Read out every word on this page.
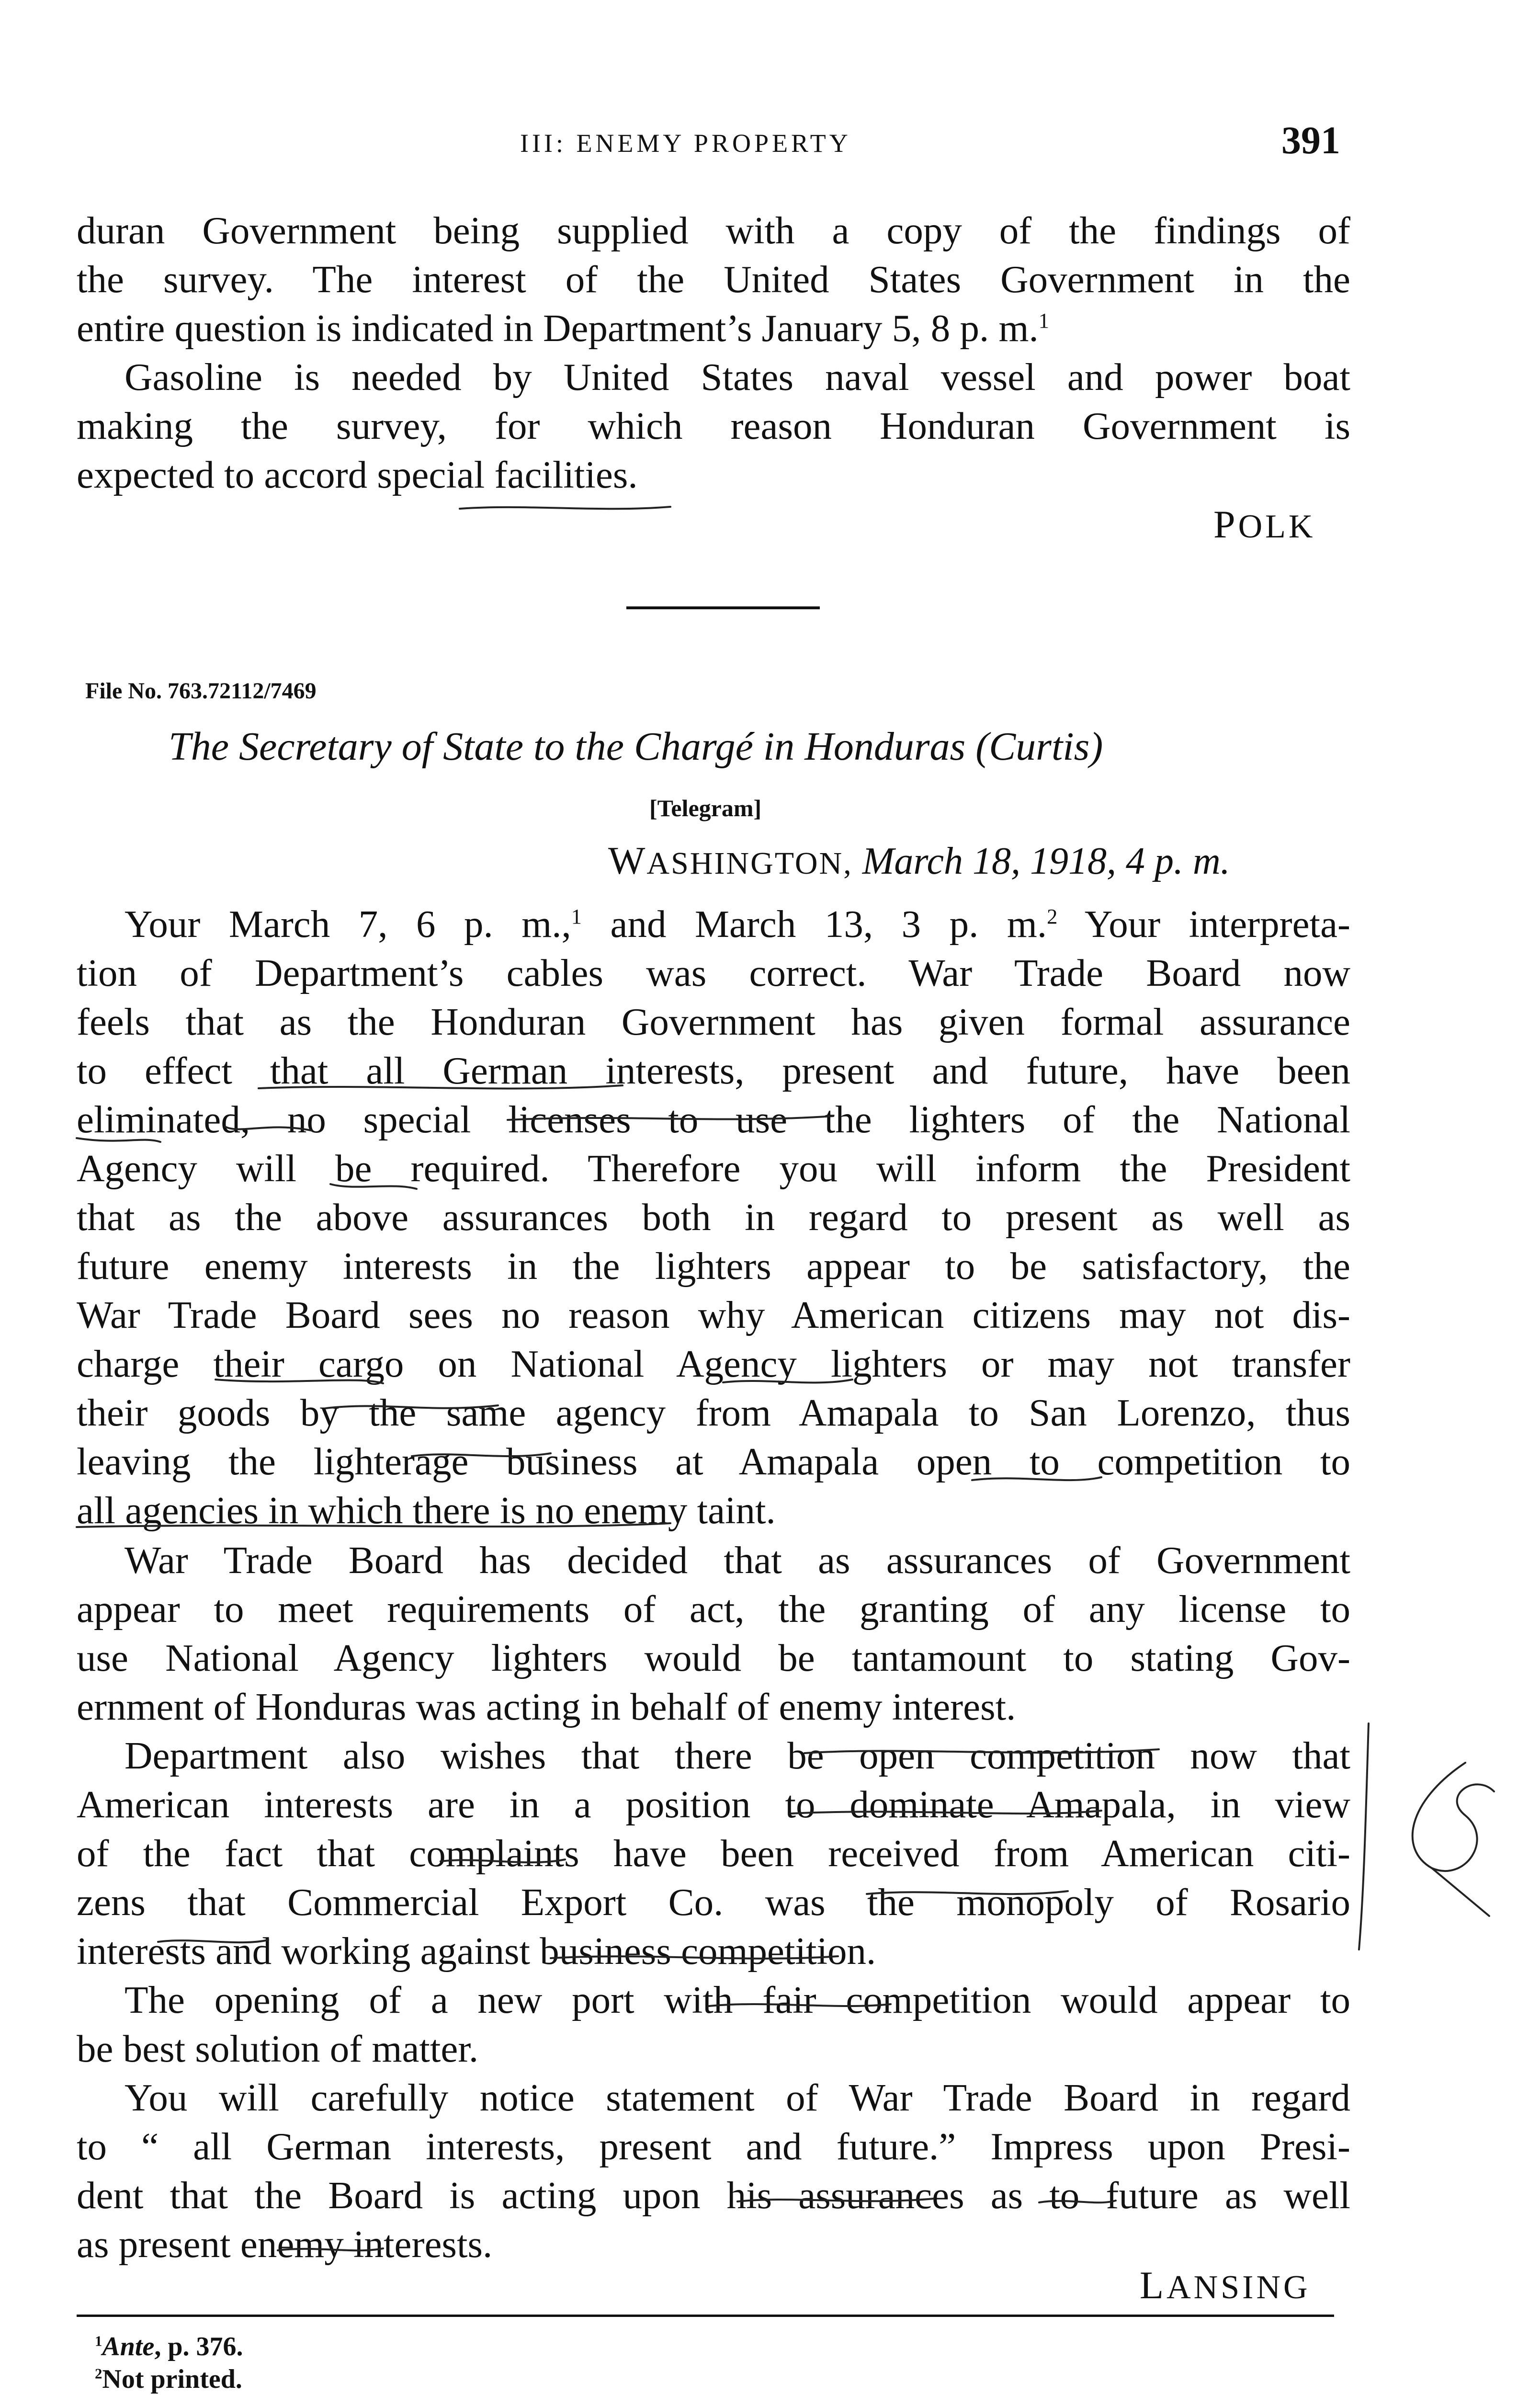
III: ENEMY PROPERTY	391
duran Government being supplied with a copy of the findings of
the survey. The interest of the United States Government in the
entire question is indicated in Department’s January 5, 8 p. m.$^1$
Gasoline is needed by United States naval vessel and power boat
making the survey, for which reason Honduran Government is
expected to accord special facilities.
POLK
File No. 763.72112/7469
The Secretary of State to the Chargé in Honduras (Curtis)
[Telegram]
WASHINGTON, March 18, 1918, 4 p. m.
Your March 7, 6 p. m.,$^1$ and March 13, 3 p. m.$^2$ Your interpreta-
tion of Department’s cables was correct. War Trade Board now
feels that as the Honduran Government has given formal assurance
to effect that all German interests, present and future, have been
eliminated, no special licenses to use the lighters of the National
Agency will be required. Therefore you will inform the President
that as the above assurances both in regard to present as well as
future enemy interests in the lighters appear to be satisfactory, the
War Trade Board sees no reason why American citizens may not dis-
charge their cargo on National Agency lighters or may not transfer
their goods by the same agency from Amapala to San Lorenzo, thus
leaving the lighterage business at Amapala open to competition to
all agencies in which there is no enemy taint.
War Trade Board has decided that as assurances of Government
appear to meet requirements of act, the granting of any license to
use National Agency lighters would be tantamount to stating Gov-
ernment of Honduras was acting in behalf of enemy interest.
Department also wishes that there be open competition now that
American interests are in a position to dominate Amapala, in view
of the fact that complaints have been received from American citi-
zens that Commercial Export Co. was the monopoly of Rosario
interests and working against business competition.
The opening of a new port with fair competition would appear to
be best solution of matter.
You will carefully notice statement of War Trade Board in regard
to “ all German interests, present and future.” Impress upon Presi-
dent that the Board is acting upon his assurances as to future as well
as present enemy interests.
LANSING
$^1$Ante, p. 376.
$^2$Not printed.
